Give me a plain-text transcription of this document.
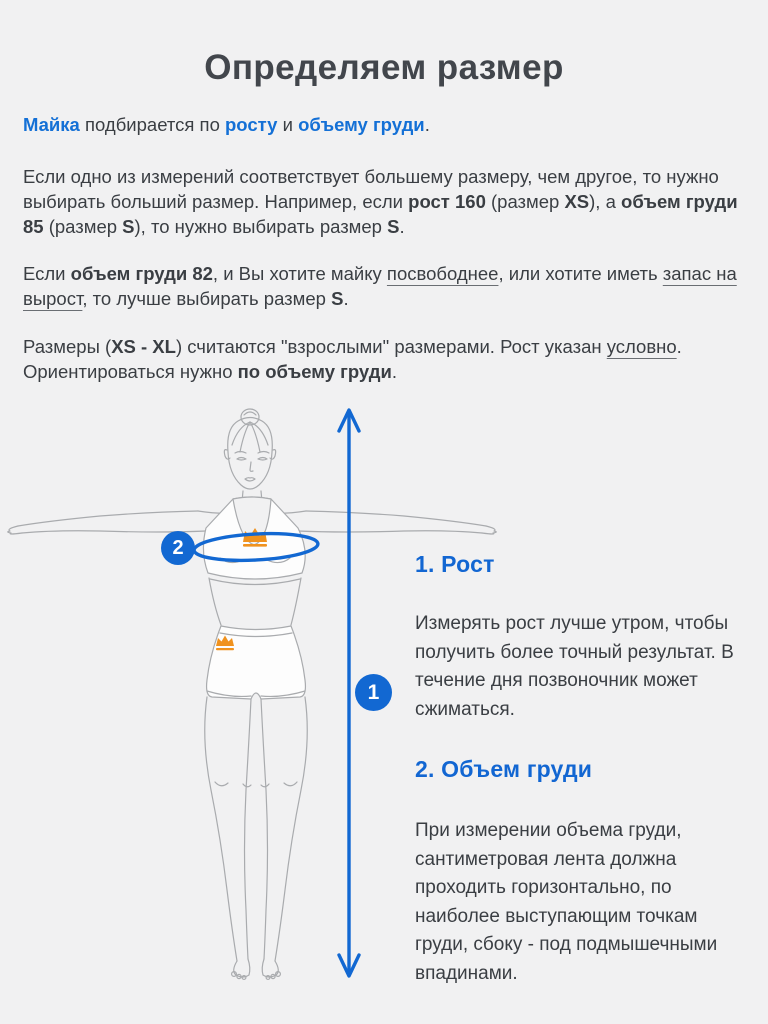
Определяем размер

Майка подбирается по росту и объему груди.

Если одно из измерений соответствует большему размеру, чем другое, то нужно выбирать больший размер. Например, если рост 160 (размер XS), а объем груди 85 (размер S), то нужно выбирать размер S.

Если объем груди 82, и Вы хотите майку посвободнее, или хотите иметь запас на вырост, то лучше выбирать размер S.

Размеры (XS - XL) считаются "взрослыми" размерами. Рост указан условно. Ориентироваться нужно по объему груди.

2
1
1. Рост

Измерять рост лучше утром, чтобы получить более точный результат. В течение дня позвоночник может сжиматься.

2. Объем груди

При измерении объема груди, сантиметровая лента должна проходить горизонтально, по наиболее выступающим точкам груди, сбоку - под подмышечными впадинами.
